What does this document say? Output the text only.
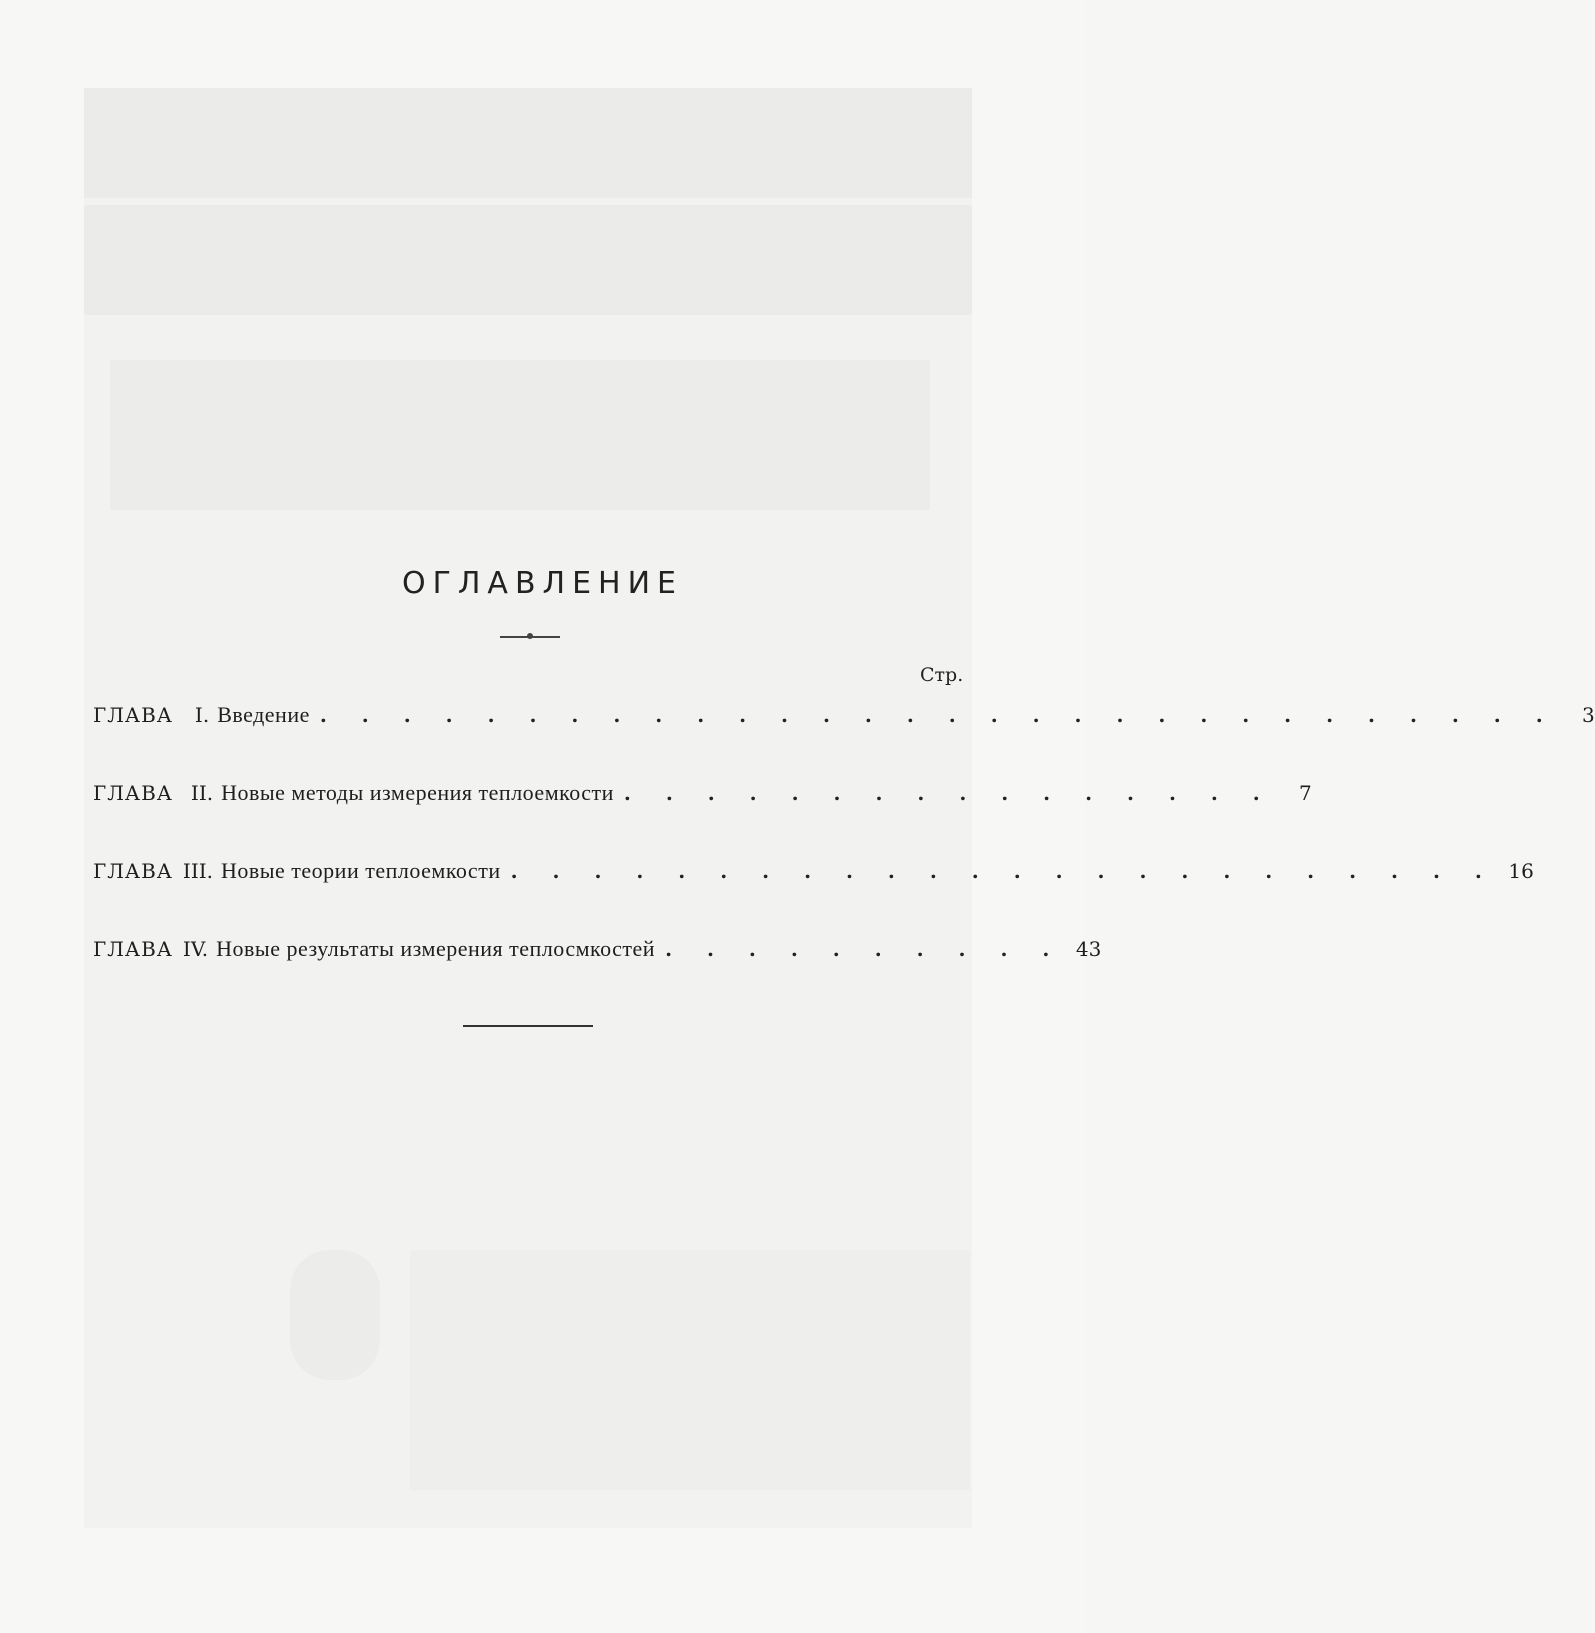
ОГЛАВЛЕНИЕ
Стр.
ГЛАВА I. Введение . . . . . . . . . . . . . . . . . . . . . . . . . . . . . .	3
ГЛАВА II. Новые методы измерения теплоемкости . . . . . . . . . . . . . . . .	7
ГЛАВА III. Новые теории теплоемкости . . . . . . . . . . . . . . . . . . . . . . . . 16
ГЛАВА IV. Новые результаты измерения теплосмкостей . . . . . . . . . . 43
